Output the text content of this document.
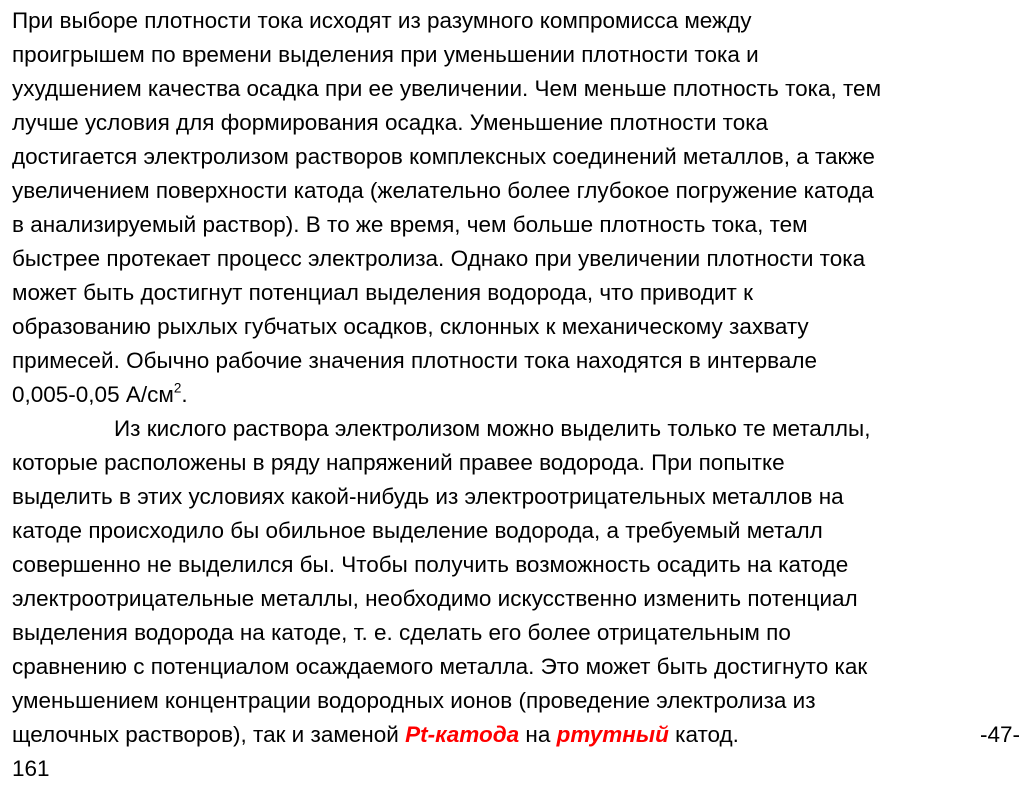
При выборе плотности тока исходят из разумного компромисса между
проигрышем по времени выделения при уменьшении плотности тока и
ухудшением качества осадка при ее увеличении. Чем меньше плотность тока, тем
лучше условия для формирования осадка. Уменьшение плотности тока
достигается электролизом растворов комплексных соединений металлов, а также
увеличением поверхности катода (желательно более глубокое погружение катода
в анализируемый раствор). В то же время, чем больше плотность тока, тем
быстрее протекает процесс электролиза. Однако при увеличении плотности тока
может быть достигнут потенциал выделения водорода, что приводит к
образованию рыхлых губчатых осадков, склонных к механическому захвату
примесей. Обычно рабочие значения плотности тока находятся в интервале
0,005-0,05 $А/см^2$.
Из кислого раствора электролизом можно выделить только те металлы,
которые расположены в ряду напряжений правее водорода. При попытке
выделить в этих условиях какой-нибудь из электроотрицательных металлов на
катоде происходило бы обильное выделение водорода, а требуемый металл
совершенно не выделился бы. Чтобы получить возможность осадить на катоде
электроотрицательные металлы, необходимо искусственно изменить потенциал
выделения водорода на катоде, т. е. сделать его более отрицательным по
сравнению с потенциалом осаждаемого металла. Это может быть достигнуто как
уменьшением концентрации водородных ионов (проведение электролиза из
щелочных растворов), так и заменой Pt-катода на ртутный катод.	-47-
161
